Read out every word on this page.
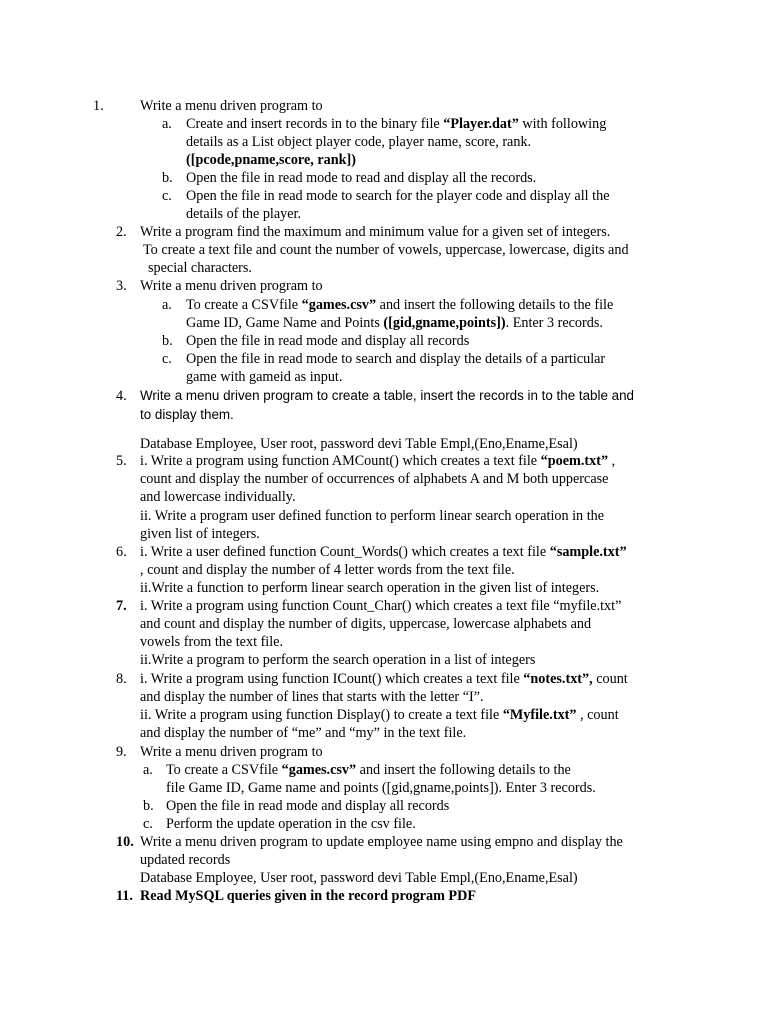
1.	Write a menu driven program to
a. Create and insert records in to the binary file “Player.dat” with following
details as a List object player code, player name, score, rank.
([pcode,pname,score, rank])
b. Open the file in read mode to read and display all the records.
c. Open the file in read mode to search for the player code and display all the
details of the player.
2. Write a program find the maximum and minimum value for a given set of integers.
To create a text file and count the number of vowels, uppercase, lowercase, digits and
special characters.
3. Write a menu driven program to
a. To create a CSVfile “games.csv” and insert the following details to the file
Game ID, Game Name and Points ([gid,gname,points]). Enter 3 records.
b. Open the file in read mode and display all records
c. Open the file in read mode to search and display the details of a particular
game with gameid as input.
4. Write a menu driven program to create a table, insert the records in to the table and
to display them.
Database Employee, User root, password devi Table Empl,(Eno,Ename,Esal)
5. i. Write a program using function AMCount() which creates a text file “poem.txt” ,
count and display the number of occurrences of alphabets A and M both uppercase
and lowercase individually.
ii. Write a program user defined function to perform linear search operation in the
given list of integers.
6. i. Write a user defined function Count_Words() which creates a text file “sample.txt”
, count and display the number of 4 letter words from the text file.
ii.Write a function to perform linear search operation in the given list of integers.
7. i. Write a program using function Count_Char() which creates a text file “myfile.txt”
and count and display the number of digits, uppercase, lowercase alphabets and
vowels from the text file.
ii.Write a program to perform the search operation in a list of integers
8. i. Write a program using function ICount() which creates a text file “notes.txt”, count
and display the number of lines that starts with the letter “I”.
ii. Write a program using function Display() to create a text file “Myfile.txt” , count
and display the number of “me” and “my” in the text file.
9. Write a menu driven program to
a. To create a CSVfile “games.csv” and insert the following details to the
file Game ID, Game name and points ([gid,gname,points]). Enter 3 records.
b. Open the file in read mode and display all records
c. Perform the update operation in the csv file.
10. Write a menu driven program to update employee name using empno and display the
updated records
Database Employee, User root, password devi Table Empl,(Eno,Ename,Esal)
11. Read MySQL queries given in the record program PDF
